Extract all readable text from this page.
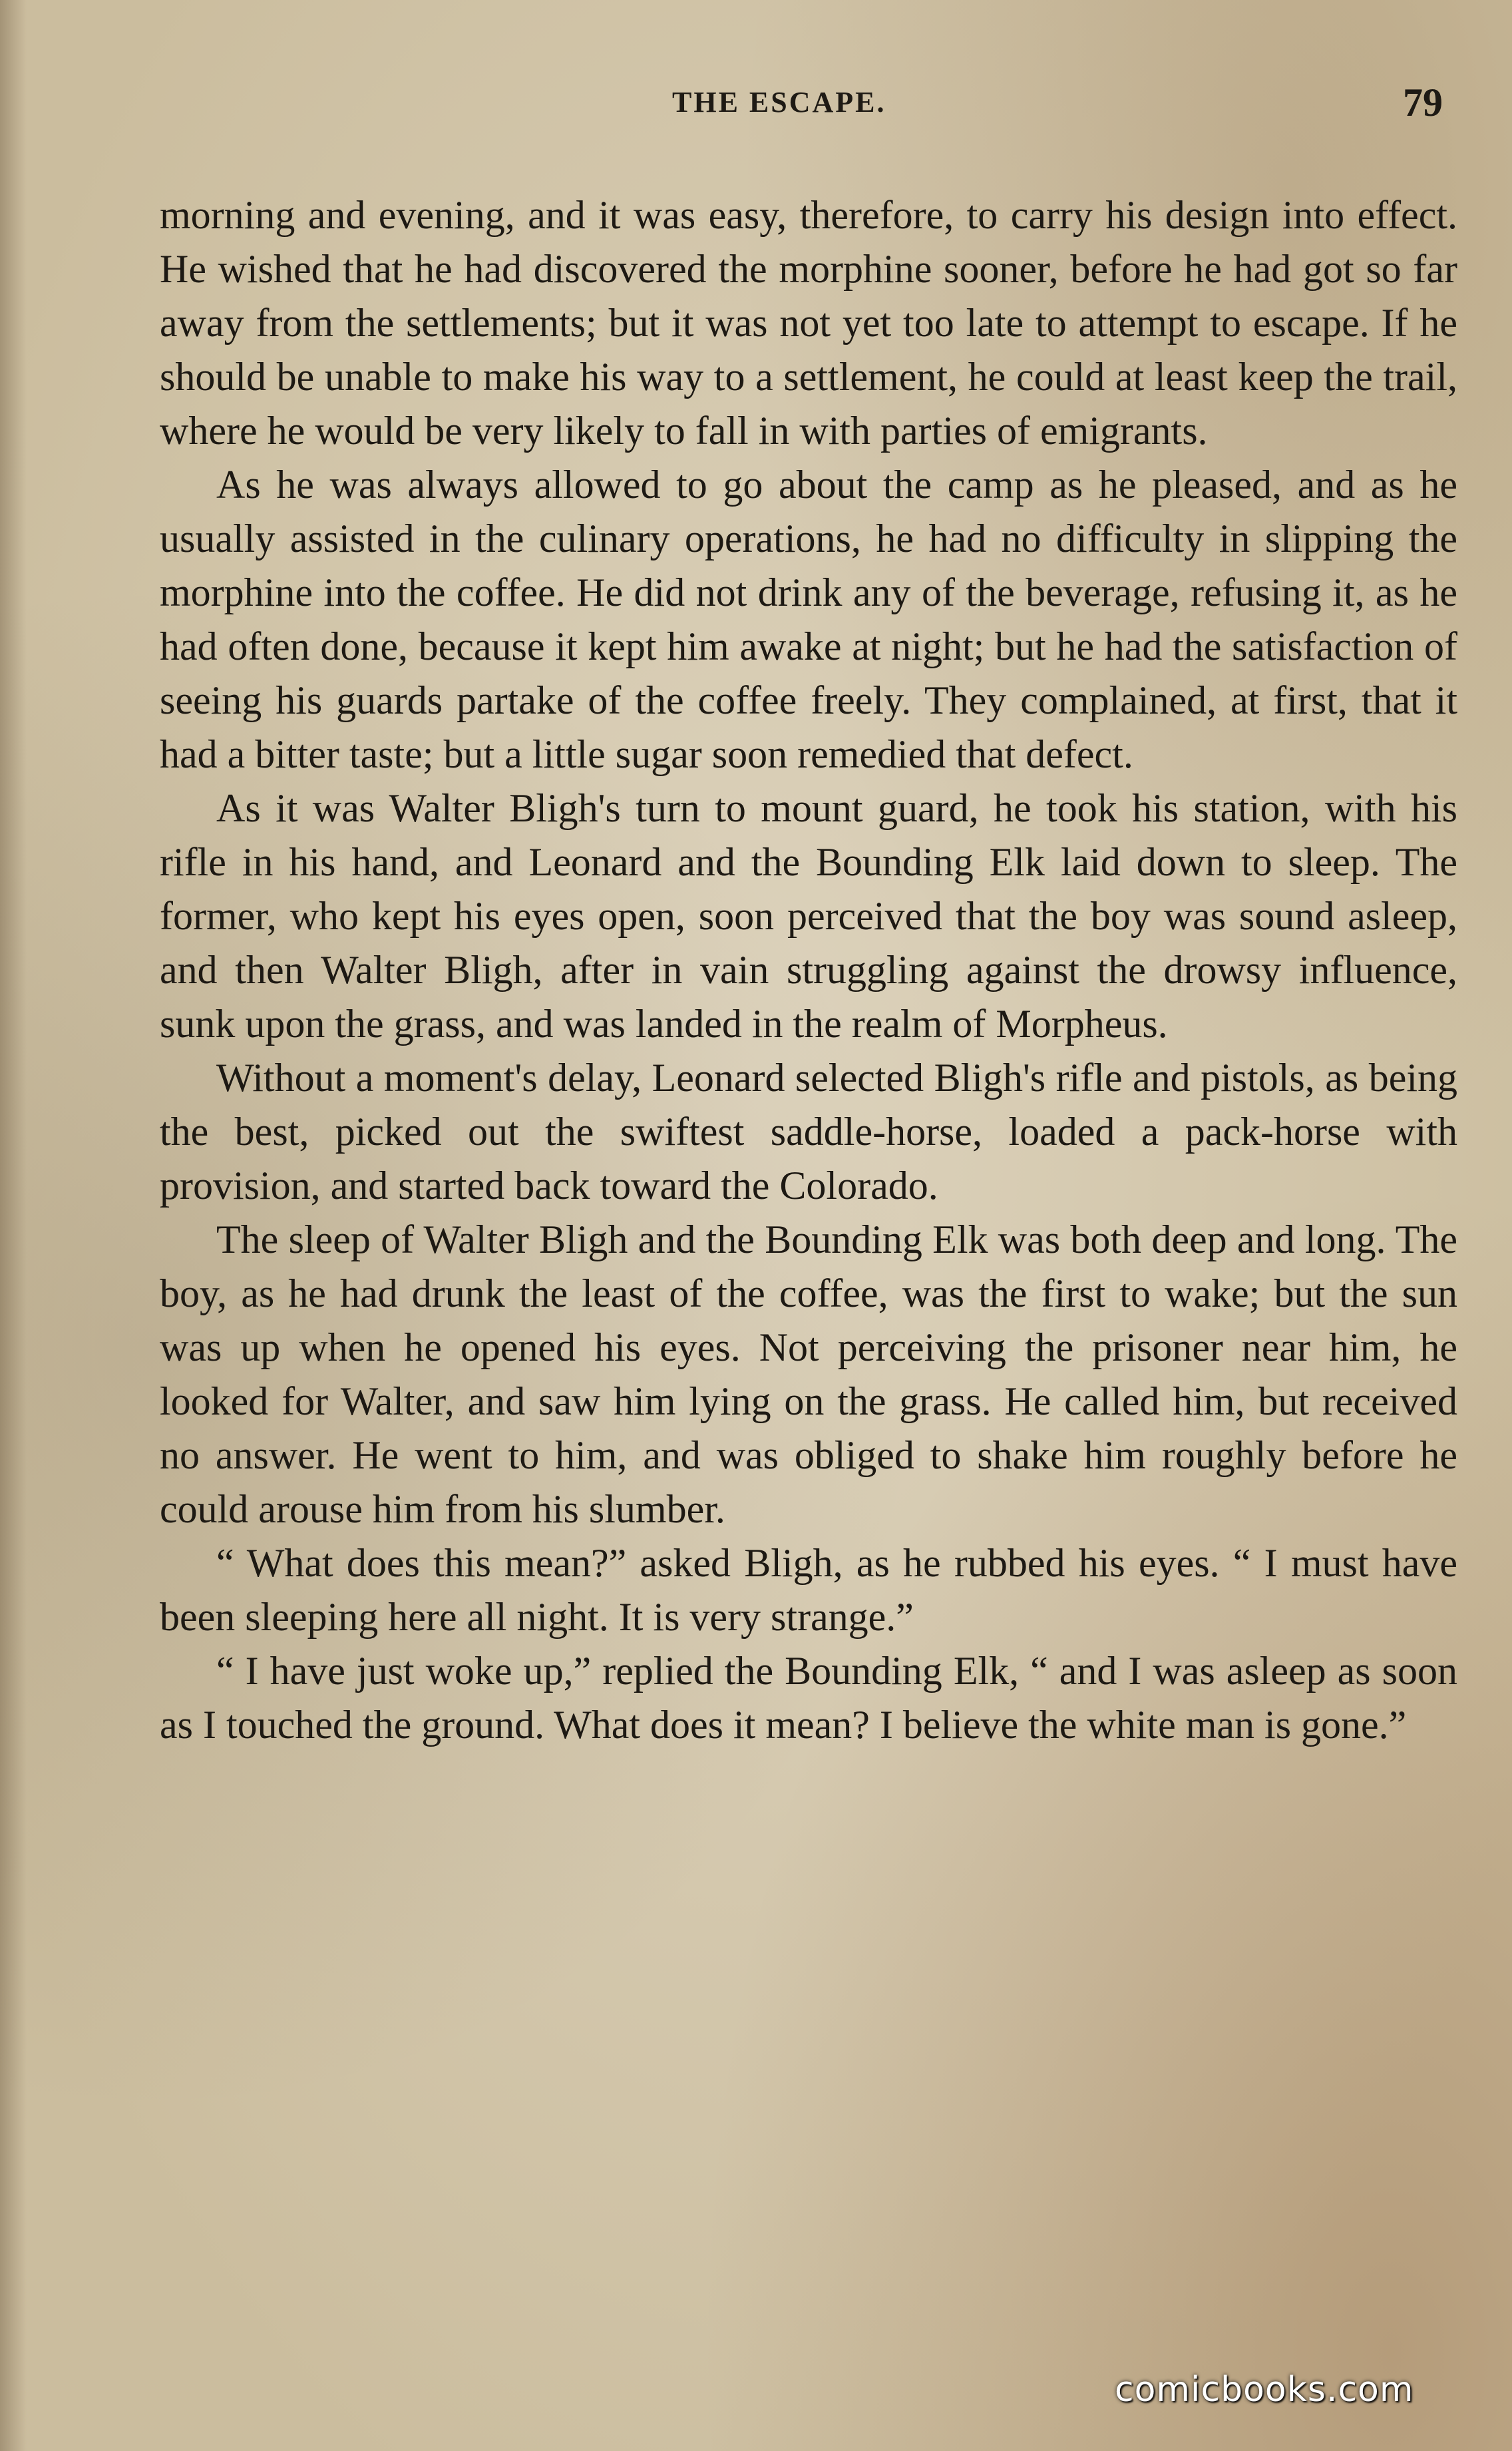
THE ESCAPE.	79

morning and evening, and it was easy, therefore, to carry his design into effect. He wished that he had discovered the morphine sooner, before he had got so far away from the settlements; but it was not yet too late to attempt to escape. If he should be unable to make his way to a settlement, he could at least keep the trail, where he would be very likely to fall in with parties of emigrants.

As he was always allowed to go about the camp as he pleased, and as he usually assisted in the culinary operations, he had no difficulty in slipping the morphine into the coffee. He did not drink any of the beverage, refusing it, as he had often done, because it kept him awake at night; but he had the satisfaction of seeing his guards partake of the coffee freely. They complained, at first, that it had a bitter taste; but a little sugar soon remedied that defect.

As it was Walter Bligh's turn to mount guard, he took his station, with his rifle in his hand, and Leonard and the Bounding Elk laid down to sleep. The former, who kept his eyes open, soon perceived that the boy was sound asleep, and then Walter Bligh, after in vain struggling against the drowsy influence, sunk upon the grass, and was landed in the realm of Morpheus.

Without a moment's delay, Leonard selected Bligh's rifle and pistols, as being the best, picked out the swiftest saddle-horse, loaded a pack-horse with provision, and started back toward the Colorado.

The sleep of Walter Bligh and the Bounding Elk was both deep and long. The boy, as he had drunk the least of the coffee, was the first to wake; but the sun was up when he opened his eyes. Not perceiving the prisoner near him, he looked for Walter, and saw him lying on the grass. He called him, but received no answer. He went to him, and was obliged to shake him roughly before he could arouse him from his slumber.

“ What does this mean?” asked Bligh, as he rubbed his eyes. “ I must have been sleeping here all night. It is very strange.”

“ I have just woke up,” replied the Bounding Elk, “ and I was asleep as soon as I touched the ground. What does it mean? I believe the white man is gone.”

comicbooks.com
